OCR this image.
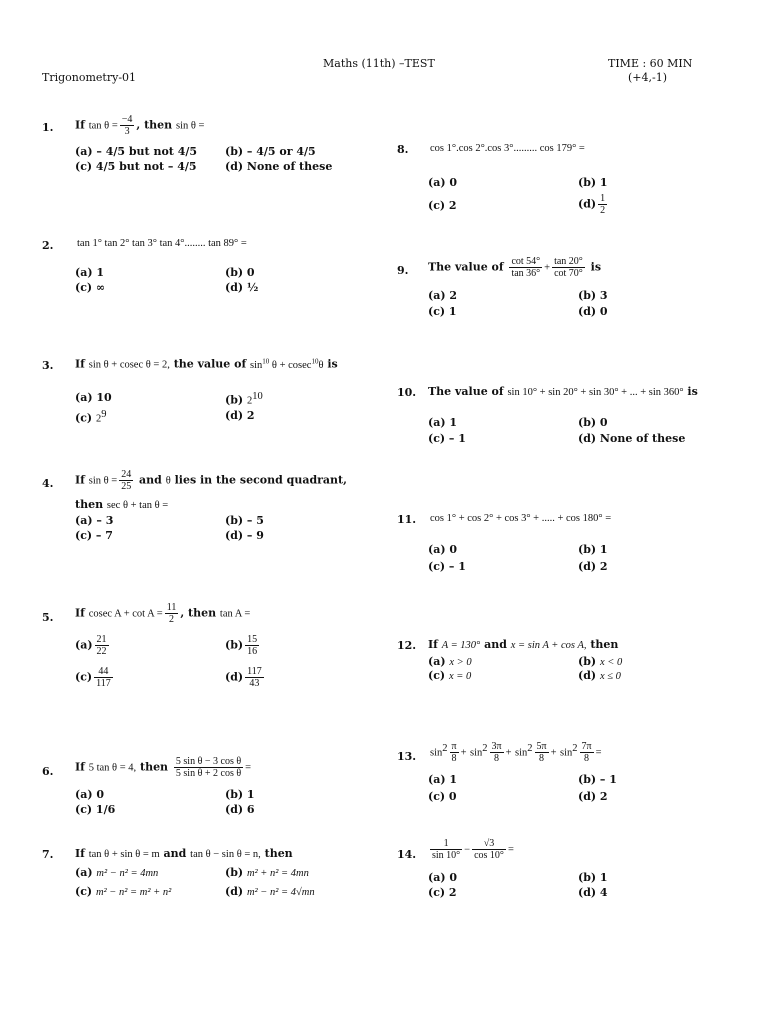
Maths (11th) –TEST	TIME : 60 MIN
Trigonometry-01	(+4,-1)
1. If $\tan \theta = \frac{-4}{3}$ , then sin θ =
(a) – 4/5 but not 4/5	(b) – 4/5 or 4/5
(c) 4/5 but not – 4/5	(d) None of these
2. tan 1° tan 2° tan 3° tan 4°........ tan 89° =
(a) 1	(b) 0
(c) ∞	(d) ½
3. If sin θ + cosec θ = 2, the value of $\sin^{10} \theta + cosec^{10}\theta$ is
(a) 10	(b) $2^{10}$
(c) $2^9$	(d) 2
4. If $\sin \theta = \frac{24}{25}$ and θ lies in the second quadrant,
then sec θ + tan θ =
(a) – 3	(b) – 5
(c) – 7	(d) – 9
5. If cosec $A + \cot A = \frac{11}{2}$ , then tan A =
$(a) \frac{21}{22}$	$(b) \frac{15}{16}$
$(c) \frac{44}{117}$	$(d) \frac{117}{43}$
6. If 5 tan θ = 4, then $\frac{\text{5 sin θ − 3 cos θ}}{\text{5 sin θ + 2 cos θ}}$ =
(a) 0	(b) 1
(c) 1/6	(d) 6
7. If tan θ + sin θ = m and tan θ − sin θ = n, then
(a) m² − n² = 4mn	(b) m² + n² = 4mn
(c) m² − n² = m² + n²	(d) m² − n² = 4√mn
8. cos 1°.cos 2°.cos 3°......... cos 179° =
(a) 0	(b) 1
(c) 2	$(d) \frac{1}{2}$
9. The value of $\frac{\cot 54^\circ}{\tan 36^\circ} + \frac{\tan 20^\circ}{\cot 70^\circ}$ is
(a) 2	(b) 3
(c) 1	(d) 0
10. The value of sin 10° + sin 20° + sin 30° + ... + sin 360° is
(a) 1	(b) 0
(c) – 1	(d) None of these
11. cos 1° + cos 2° + cos 3° + ..... + cos 180° =
(a) 0	(b) 1
(c) – 1	(d) 2
12. If A = 130° and x = sin A + cos A, then
(a) x > 0	(b) x < 0
(c) x = 0	(d) x ≤ 0
13. $\sin^2 \frac{\pi}{8} + \sin^2 \frac{3\pi}{8} + \sin^2 \frac{5\pi}{8} + \sin^2 \frac{7\pi}{8}$ =
(a) 1	(b) – 1
(c) 0	(d) 2
14. $\frac{1}{\sin 10^\circ} - \frac{√3}{\cos 10^\circ}$ =
(a) 0	(b) 1
(c) 2	(d) 4
